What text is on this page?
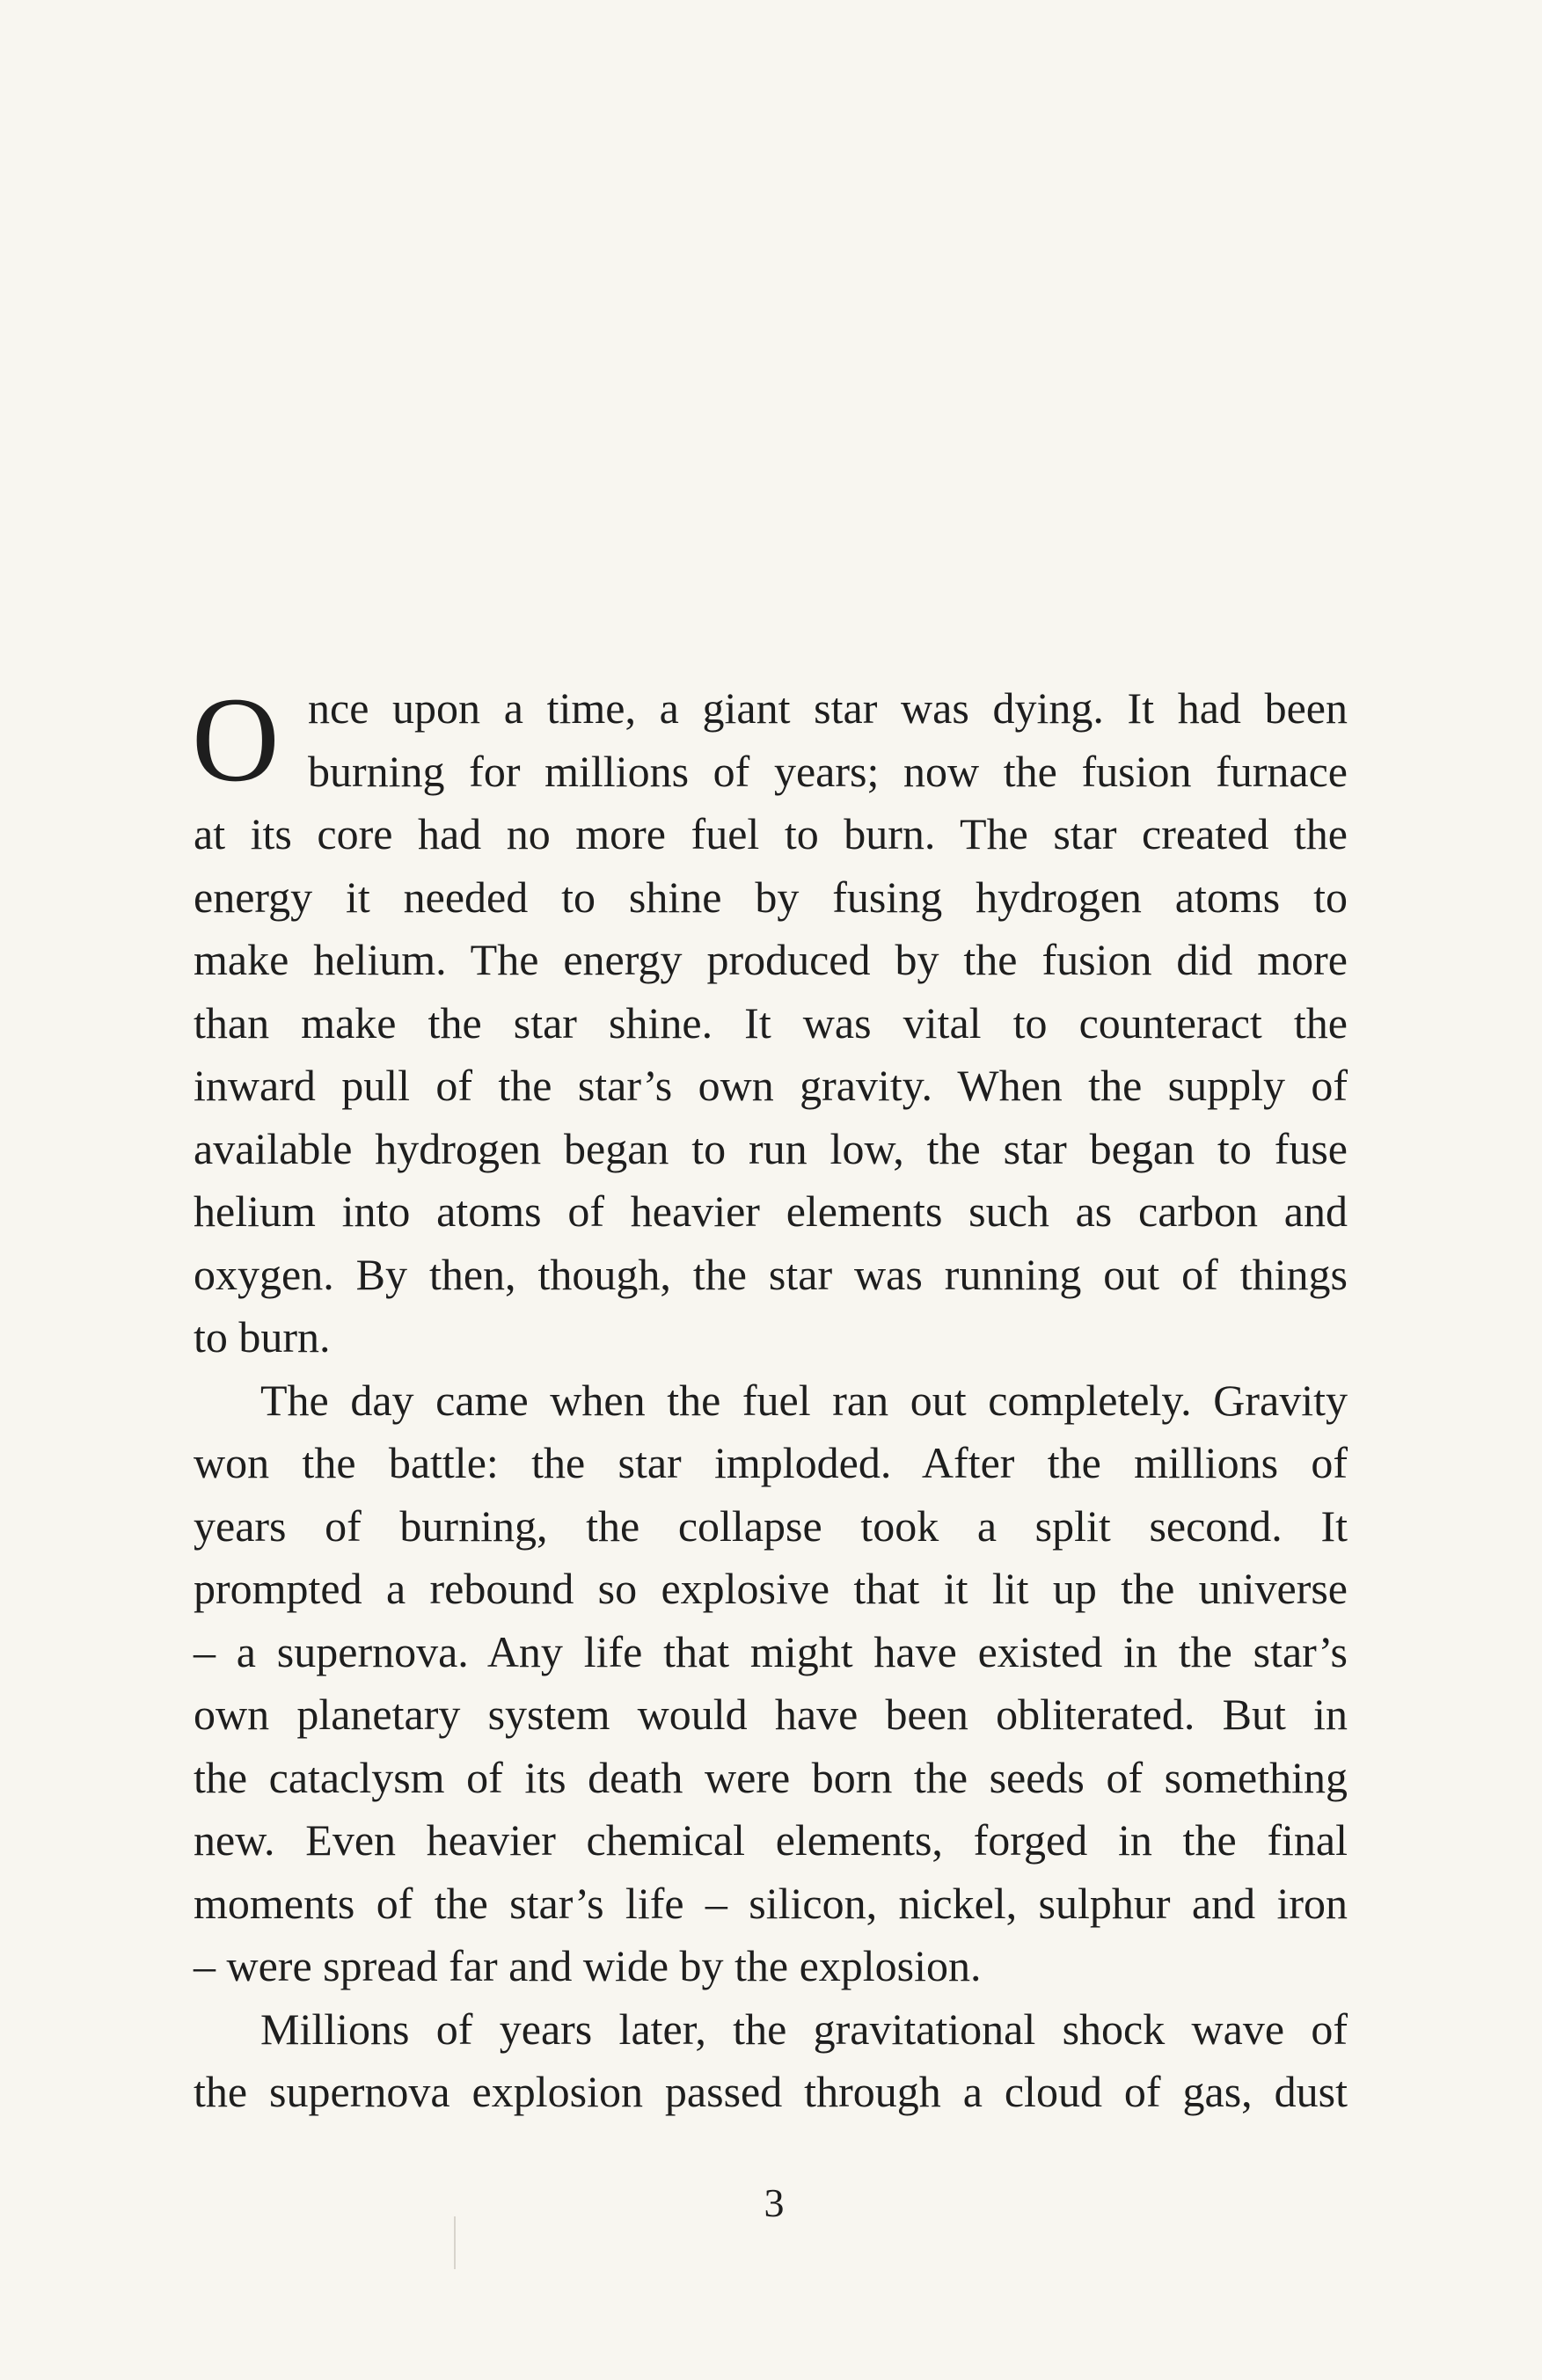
O nce upon a time, a giant star was dying. It had been
burning for millions of years; now the fusion furnace
at its core had no more fuel to burn. The star created the
energy it needed to shine by fusing hydrogen atoms to
make helium. The energy produced by the fusion did more
than make the star shine. It was vital to counteract the
inward pull of the star’s own gravity. When the supply of
available hydrogen began to run low, the star began to fuse
helium into atoms of heavier elements such as carbon and
oxygen. By then, though, the star was running out of things
to burn.
The day came when the fuel ran out completely. Gravity
won the battle: the star imploded. After the millions of
years of burning, the collapse took a split second. It
prompted a rebound so explosive that it lit up the universe
– a supernova. Any life that might have existed in the star’s
own planetary system would have been obliterated. But in
the cataclysm of its death were born the seeds of something
new. Even heavier chemical elements, forged in the final
moments of the star’s life – silicon, nickel, sulphur and iron
– were spread far and wide by the explosion.
Millions of years later, the gravitational shock wave of
the supernova explosion passed through a cloud of gas, dust
3
